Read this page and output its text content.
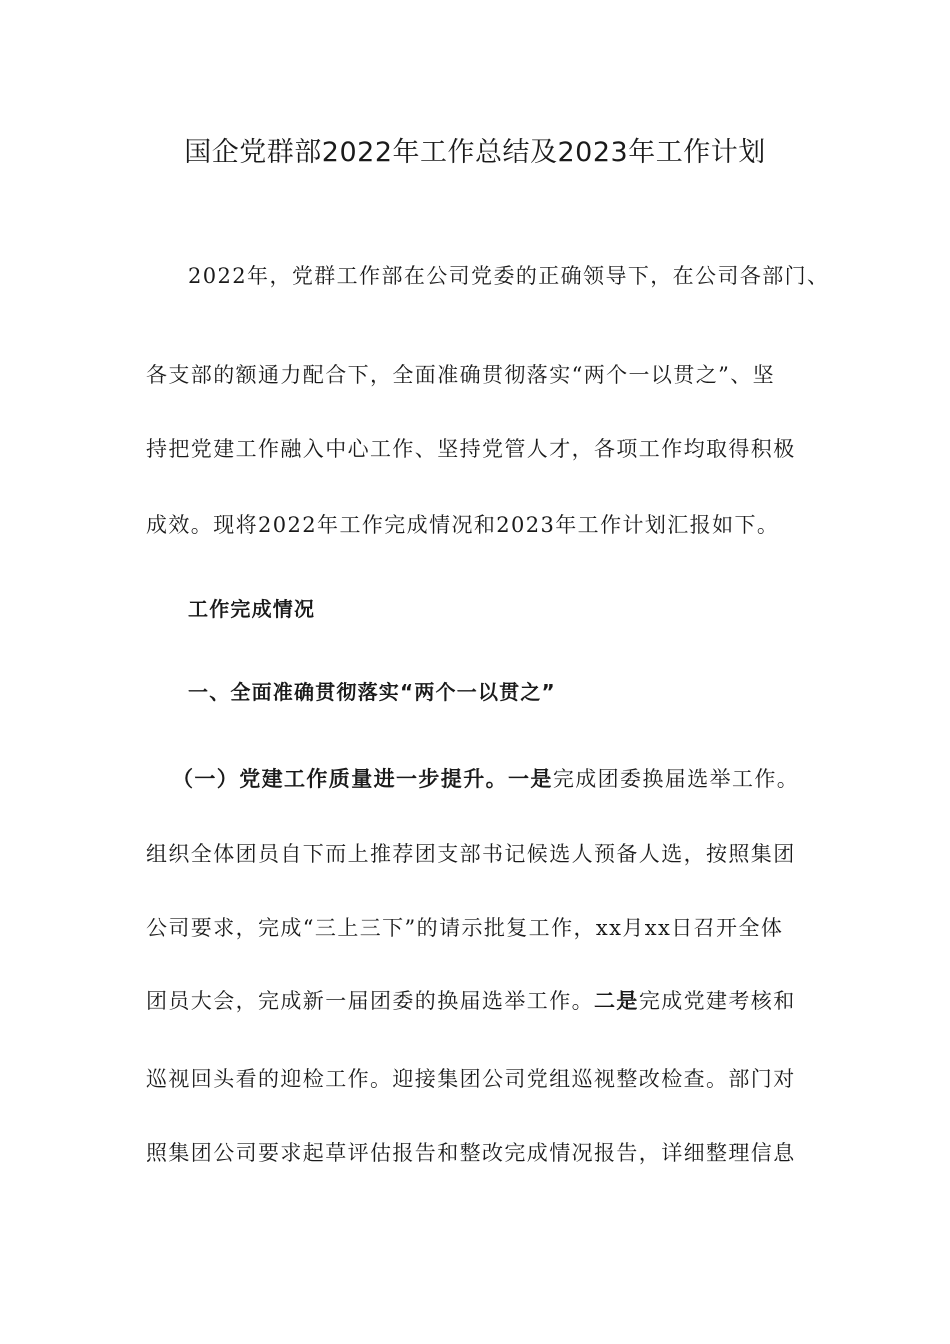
国企党群部2022年工作总结及2023年工作计划
2022年，党群工作部在公司党委的正确领导下，在公司各部门、
各支部的额通力配合下，全面准确贯彻落实“两个一以贯之”、坚
持把党建工作融入中心工作、坚持党管人才，各项工作均取得积极
成效。现将2022年工作完成情况和2023年工作计划汇报如下。
工作完成情况
一、全面准确贯彻落实“两个一以贯之”
（一）党建工作质量进一步提升。一是完成团委换届选举工作。
组织全体团员自下而上推荐团支部书记候选人预备人选，按照集团
公司要求，完成“三上三下”的请示批复工作，xx月xx日召开全体
团员大会，完成新一届团委的换届选举工作。二是完成党建考核和
巡视回头看的迎检工作。迎接集团公司党组巡视整改检查。部门对
照集团公司要求起草评估报告和整改完成情况报告，详细整理信息
